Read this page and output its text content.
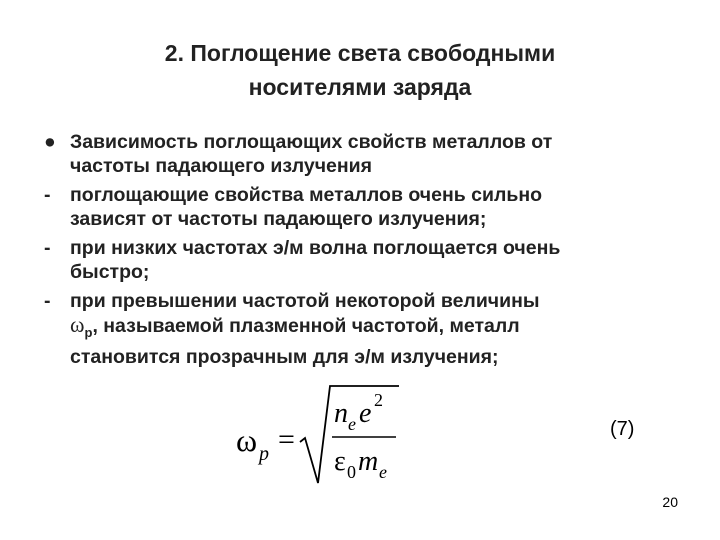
2. Поглощение света свободными
носителями заряда
● Зависимость поглощающих свойств металлов от
частоты падающего излучения
- поглощающие свойства металлов очень сильно
зависят от частоты падающего излучения;
- при низких частотах э/м волна поглощается очень
быстро;
- при превышении частотой некоторой величины
$\omega_p$, называемой плазменной частотой, металл
становится прозрачным для э/м излучения;
ω p =
n e e 2
ε 0 m e
(7)
20
